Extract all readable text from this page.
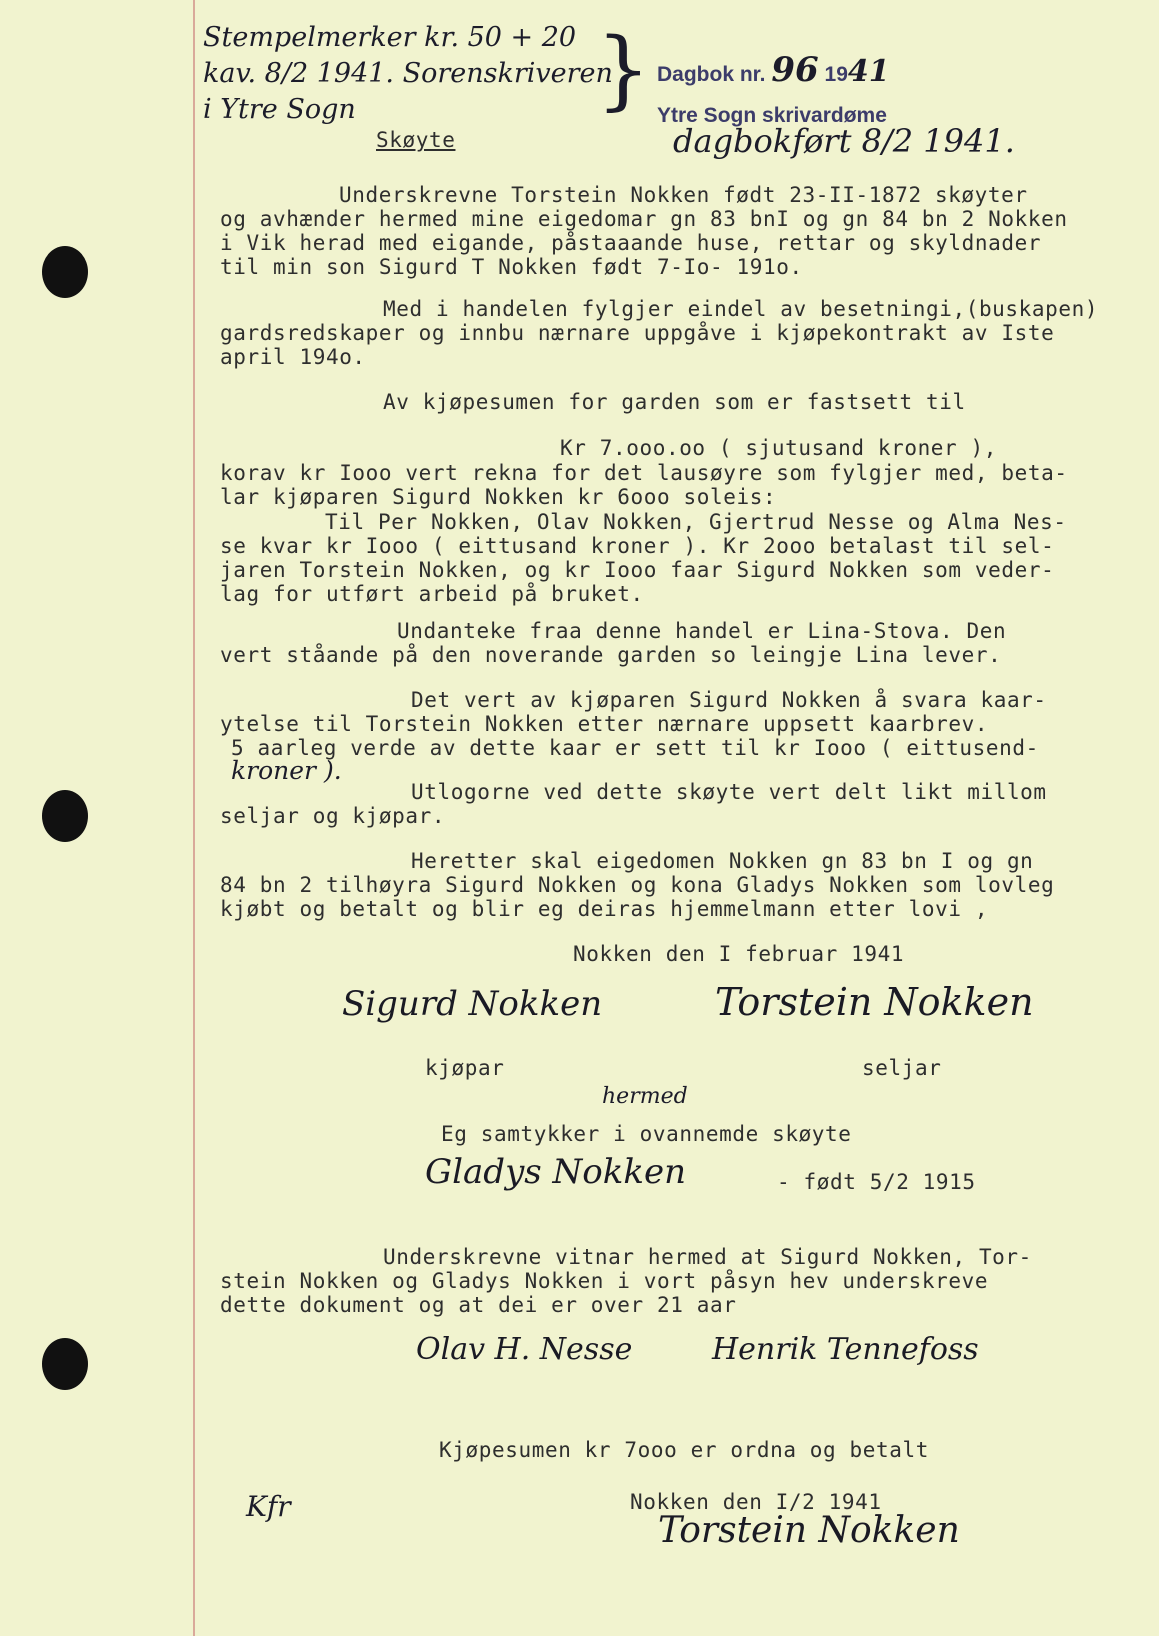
Stempelmerker kr. 50 + 20
kav. 8/2 1941. Sorenskriveren
i Ytre Sogn	} Dagbok nr. 96 1941
Ytre Sogn skrivardøme
dagbokført 8/2 1941.
Skøyte
Underskrevne Torstein Nokken født 23-II-1872 skøyter
og avhænder hermed mine eigedomar gn 83 bnI og gn 84 bn 2 Nokken
i Vik herad med eigande, påstaaande huse, rettar og skyldnader
til min son Sigurd T Nokken født 7-Io- 191o.
Med i handelen fylgjer eindel av besetningi,(buskapen)
gardsredskaper og innbu nærnare uppgåve i kjøpekontrakt av Iste
april 194o.
Av kjøpesumen for garden som er fastsett til
Kr 7.ooo.oo ( sjutusand kroner ),
korav kr Iooo vert rekna for det lausøyre som fylgjer med, beta-
lar kjøparen Sigurd Nokken kr 6ooo soleis:
Til Per Nokken, Olav Nokken, Gjertrud Nesse og Alma Nes-
se kvar kr Iooo ( eittusand kroner ). Kr 2ooo betalast til sel-
jaren Torstein Nokken, og kr Iooo faar Sigurd Nokken som veder-
lag for utført arbeid på bruket.
Undanteke fraa denne handel er Lina-Stova. Den
vert ståande på den noverande garden so leingje Lina lever.
Det vert av kjøparen Sigurd Nokken å svara kaar-
ytelse til Torstein Nokken etter nærnare uppsett kaarbrev.
5 aarleg verde av dette kaar er sett til kr Iooo ( eittusend-
kroner ).
Utlogorne ved dette skøyte vert delt likt millom
seljar og kjøpar.
Heretter skal eigedomen Nokken gn 83 bn I og gn
84 bn 2 tilhøyra Sigurd Nokken og kona Gladys Nokken som lovleg
kjøbt og betalt og blir eg deiras hjemmelmann etter lovi ,
Nokken den I februar 1941
Sigurd Nokken	Torstein Nokken
kjøpar	seljar
hermed
Eg samtykker i ovannemde skøyte
Gladys Nokken	- født 5/2 1915
Underskrevne vitnar hermed at Sigurd Nokken, Tor-
stein Nokken og Gladys Nokken i vort påsyn hev underskreve
dette dokument og at dei er over 21 aar
Olav H. Nesse	Henrik Tennefoss
Kjøpesumen kr 7ooo er ordna og betalt
Kfr	Nokken den I/2 1941
Torstein Nokken
